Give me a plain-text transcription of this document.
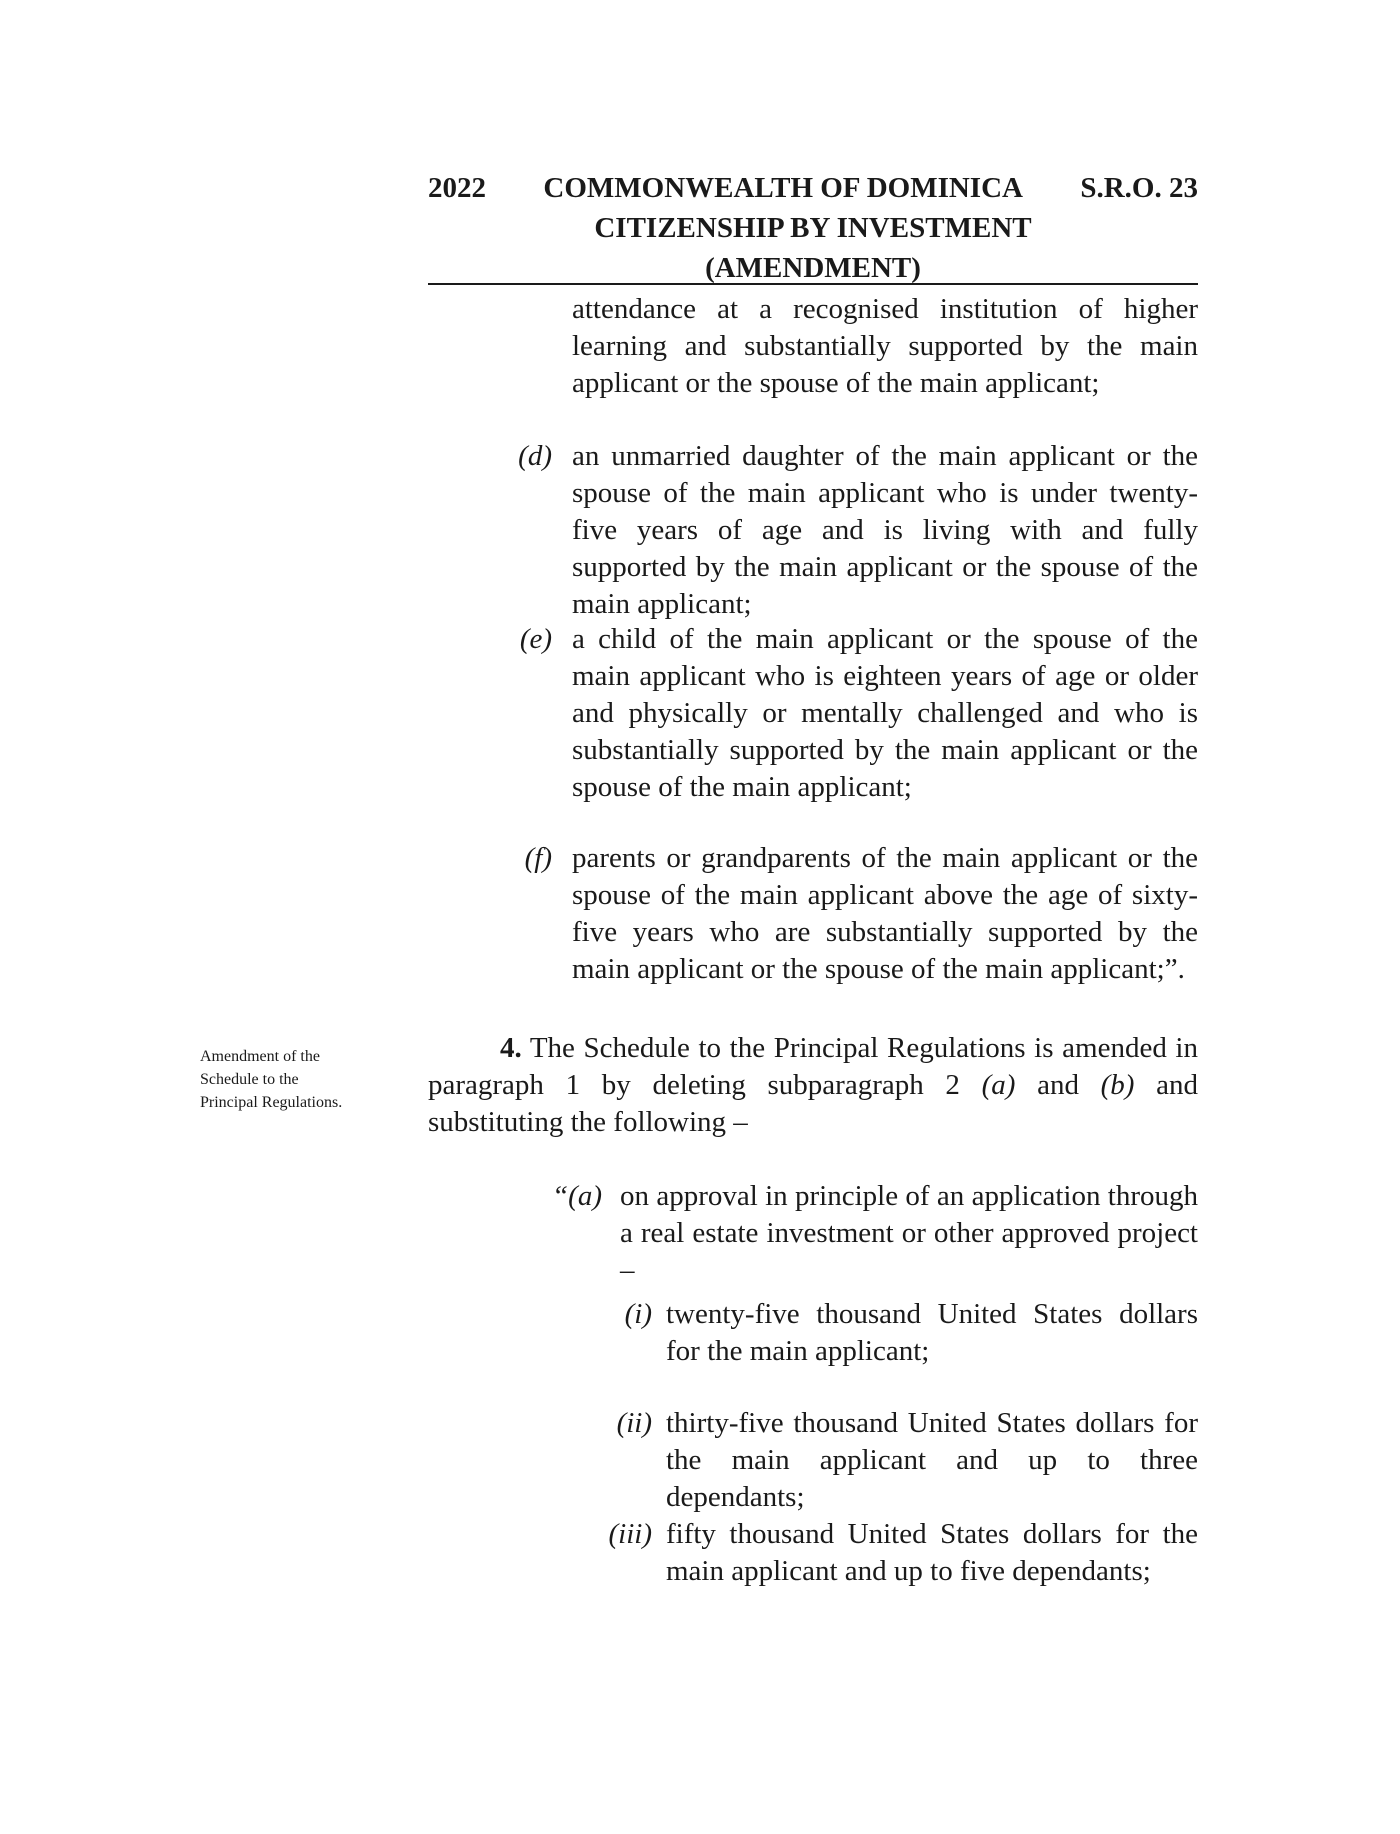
2022 COMMONWEALTH OF DOMINICA S.R.O. 23
CITIZENSHIP BY INVESTMENT
(AMENDMENT)
attendance at a recognised institution of higher learning and substantially supported by the main applicant or the spouse of the main applicant;
(d) an unmarried daughter of the main applicant or the spouse of the main applicant who is under twenty-five years of age and is living with and fully supported by the main applicant or the spouse of the main applicant;
(e) a child of the main applicant or the spouse of the main applicant who is eighteen years of age or older and physically or mentally challenged and who is substantially supported by the main applicant or the spouse of the main applicant;
(f) parents or grandparents of the main applicant or the spouse of the main applicant above the age of sixty-five years who are substantially supported by the main applicant or the spouse of the main applicant;”.
Amendment of the
Schedule to the
Principal Regulations.
4. The Schedule to the Principal Regulations is amended in paragraph 1 by deleting subparagraph 2 (a) and (b) and substituting the following –
“(a) on approval in principle of an application through a real estate investment or other approved project –
(i) twenty-five thousand United States dollars for the main applicant;
(ii) thirty-five thousand United States dollars for the main applicant and up to three dependants;
(iii) fifty thousand United States dollars for the main applicant and up to five dependants;
